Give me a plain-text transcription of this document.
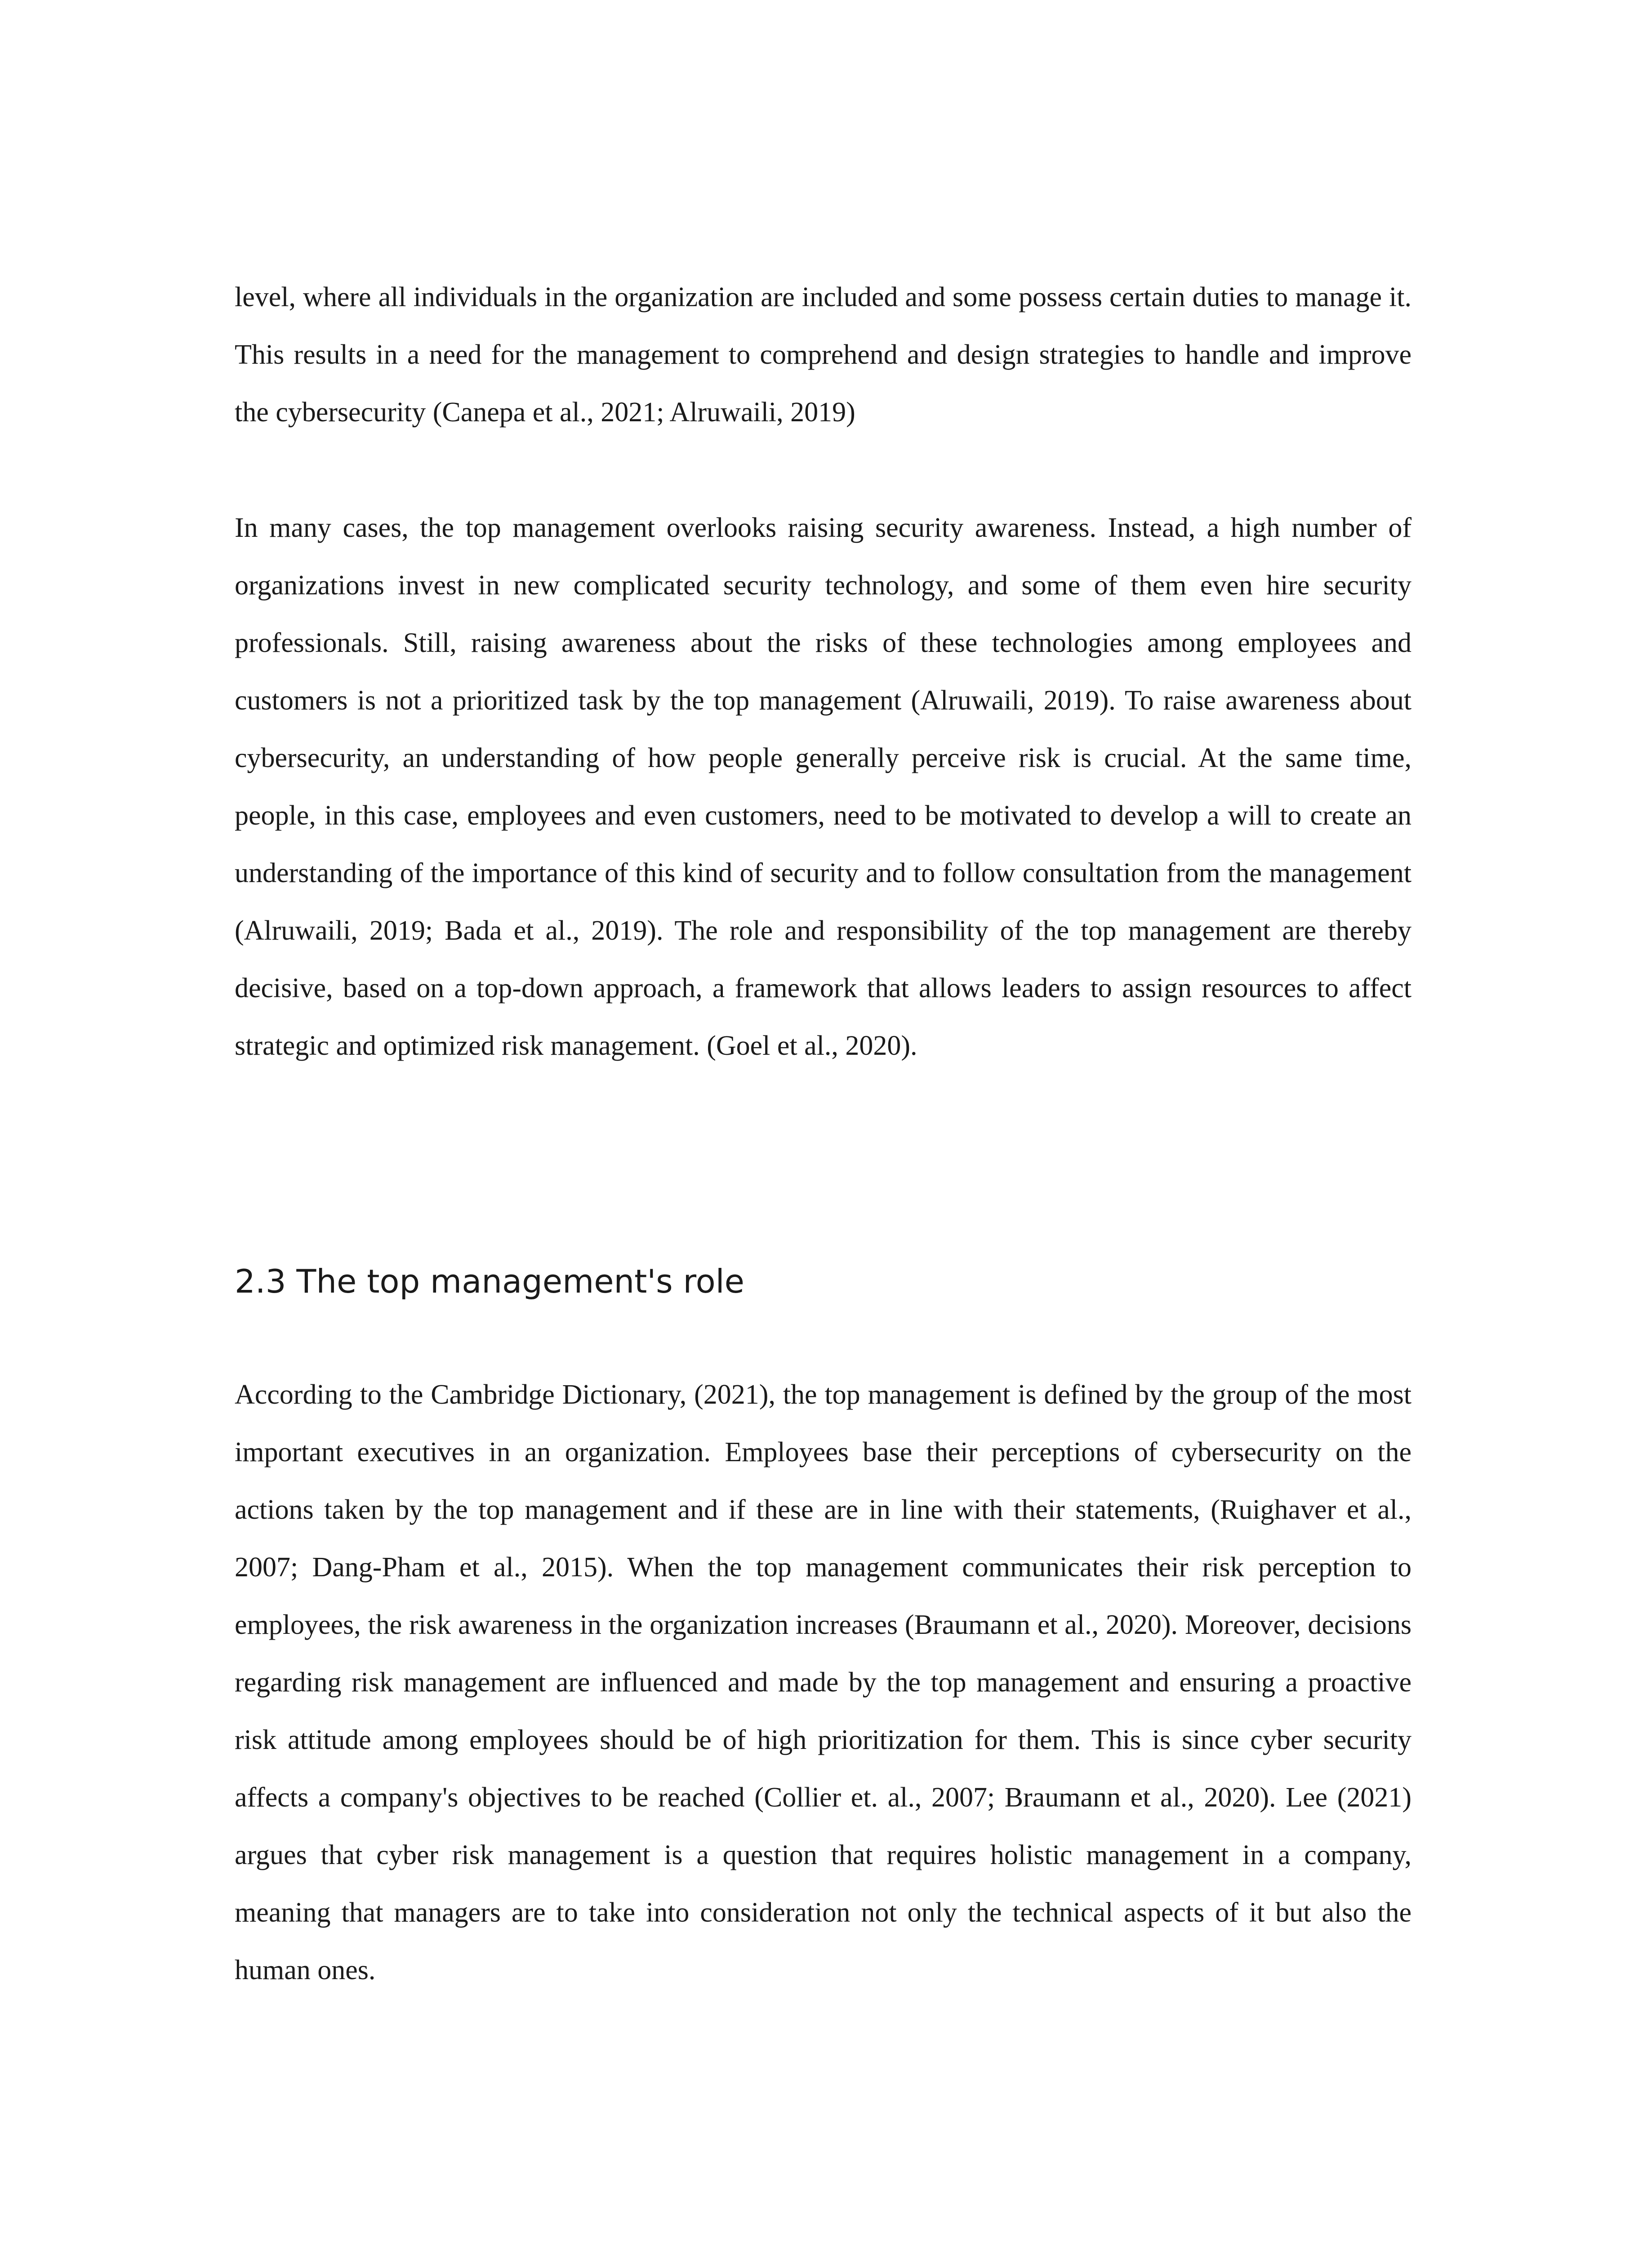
level, where all individuals in the organization are included and some possess certain duties to manage it. This results in a need for the management to comprehend and design strategies to handle and improve the cybersecurity (Canepa et al., 2021; Alruwaili, 2019)

In many cases, the top management overlooks raising security awareness. Instead, a high number of organizations invest in new complicated security technology, and some of them even hire security professionals. Still, raising awareness about the risks of these technologies among employees and customers is not a prioritized task by the top management (Alruwaili, 2019). To raise awareness about cybersecurity, an understanding of how people generally perceive risk is crucial. At the same time, people, in this case, employees and even customers, need to be motivated to develop a will to create an understanding of the importance of this kind of security and to follow consultation from the management (Alruwaili, 2019; Bada et al., 2019). The role and responsibility of the top management are thereby decisive, based on a top-down approach, a framework that allows leaders to assign resources to affect strategic and optimized risk management. (Goel et al., 2020).

2.3 The top management's role

According to the Cambridge Dictionary, (2021), the top management is defined by the group of the most important executives in an organization. Employees base their perceptions of cybersecurity on the actions taken by the top management and if these are in line with their statements, (Ruighaver et al., 2007; Dang-Pham et al., 2015). When the top management communicates their risk perception to employees, the risk awareness in the organization increases (Braumann et al., 2020). Moreover, decisions regarding risk management are influenced and made by the top management and ensuring a proactive risk attitude among employees should be of high prioritization for them. This is since cyber security affects a company's objectives to be reached (Collier et. al., 2007; Braumann et al., 2020). Lee (2021) argues that cyber risk management is a question that requires holistic management in a company, meaning that managers are to take into consideration not only the technical aspects of it but also the human ones.
